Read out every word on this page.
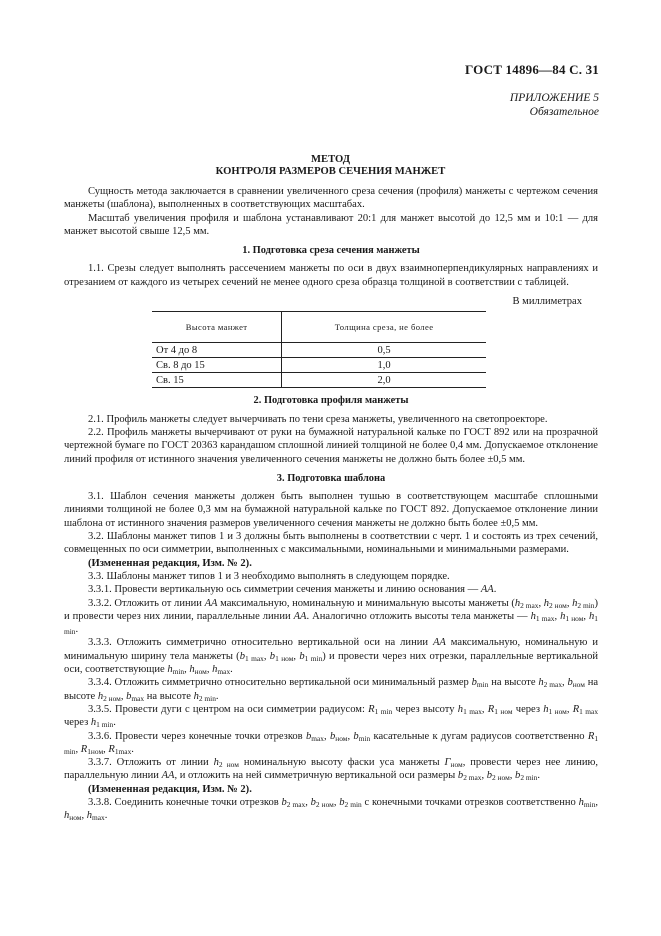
ГОСТ 14896—84 С. 31
ПРИЛОЖЕНИЕ 5
Обязательное
МЕТОД
КОНТРОЛЯ РАЗМЕРОВ СЕЧЕНИЯ МАНЖЕТ

Сущность метода заключается в сравнении увеличенного среза сечения (профиля) манжеты с чертежом сечения манжеты (шаблона), выполненных в соответствующих масштабах.

Масштаб увеличения профиля и шаблона устанавливают 20:1 для манжет высотой до 12,5 мм и 10:1 — для манжет высотой свыше 12,5 мм.

1. Подготовка среза сечения манжеты

1.1. Срезы следует выполнять рассечением манжеты по оси в двух взаимноперпендикулярных направлениях и отрезанием от каждого из четырех сечений не менее одного среза образца толщиной в соответствии с таблицей.

В миллиметрах
Высота манжет	Толщина среза, не более
От 4 до 8	0,5
Св. 8 до 15	1,0
Св. 15	2,0
2. Подготовка профиля манжеты

2.1. Профиль манжеты следует вычерчивать по тени среза манжеты, увеличенного на светопроекторе.

2.2. Профиль манжеты вычерчивают от руки на бумажной натуральной кальке по ГОСТ 892 или на прозрачной чертежной бумаге по ГОСТ 20363 карандашом сплошной линией толщиной не более 0,4 мм. Допускаемое отклонение линий профиля от истинного значения увеличенного сечения манжеты не должно быть более ±0,5 мм.

3. Подготовка шаблона

3.1. Шаблон сечения манжеты должен быть выполнен тушью в соответствующем масштабе сплошными линиями толщиной не более 0,3 мм на бумажной натуральной кальке по ГОСТ 892. Допускаемое отклонение линии шаблона от истинного значения размеров увеличенного сечения манжеты не должно быть более ±0,5 мм.

3.2. Шаблоны манжет типов 1 и 3 должны быть выполнены в соответствии с черт. 1 и состоять из трех сечений, совмещенных по оси симметрии, выполненных с максимальными, номинальными и минимальными размерами.

(Измененная редакция, Изм. № 2).

3.3. Шаблоны манжет типов 1 и 3 необходимо выполнять в следующем порядке.

3.3.1. Провести вертикальную ось симметрии сечения манжеты и линию основания — АА.

3.3.2. Отложить от линии АА максимальную, номинальную и минимальную высоты манжеты ($h_{2 max}$, $h_{2 ном}$, $h_{2 min}$) и провести через них линии, параллельные линии АА. Аналогично отложить высоты тела манжеты — $h_{1 max}$, $h_{1 ном}$, $h_{1 min}$.

3.3.3. Отложить симметрично относительно вертикальной оси на линии АА максимальную, номинальную и минимальную ширину тела манжеты ($b_{1 max}$, $b_{1 ном}$, $b_{1 min}$) и провести через них отрезки, параллельные вертикальной оси, соответствующие $h_{min}$, $h_{ном}$, $h_{max}$.

3.3.4. Отложить симметрично относительно вертикальной оси минимальный размер $b_{min}$ на высоте $h_{2 max}$, $b_{ном}$ на высоте $h_{2 ном}$, $b_{max}$ на высоте $h_{2 min}$.

3.3.5. Провести дуги с центром на оси симметрии радиусом: $R_{1 min}$ через высоту $h_{1 max}$, $R_{1 ном}$ через $h_{1 ном}$, $R_{1 max}$ через $h_{1 min}$.

3.3.6. Провести через конечные точки отрезков $b_{max}$, $b_{ном}$, $b_{min}$ касательные к дугам радиусов соответственно $R_{1 min}$, $R_{1ном}$, $R_{1max}$.

3.3.7. Отложить от линии $h_{2 ном}$ номинальную высоту фаски уса манжеты $Г_{ном}$, провести через нее линию, параллельную линии АА, и отложить на ней симметричную вертикальной оси размеры $b_{2 max}$, $b_{2 ном}$, $b_{2 min}$.

(Измененная редакция, Изм. № 2).

3.3.8. Соединить конечные точки отрезков $b_{2 max}$, $b_{2 ном}$, $b_{2 min}$ с конечными точками отрезков соответственно $h_{min}$, $h_{ном}$, $h_{max}$.
